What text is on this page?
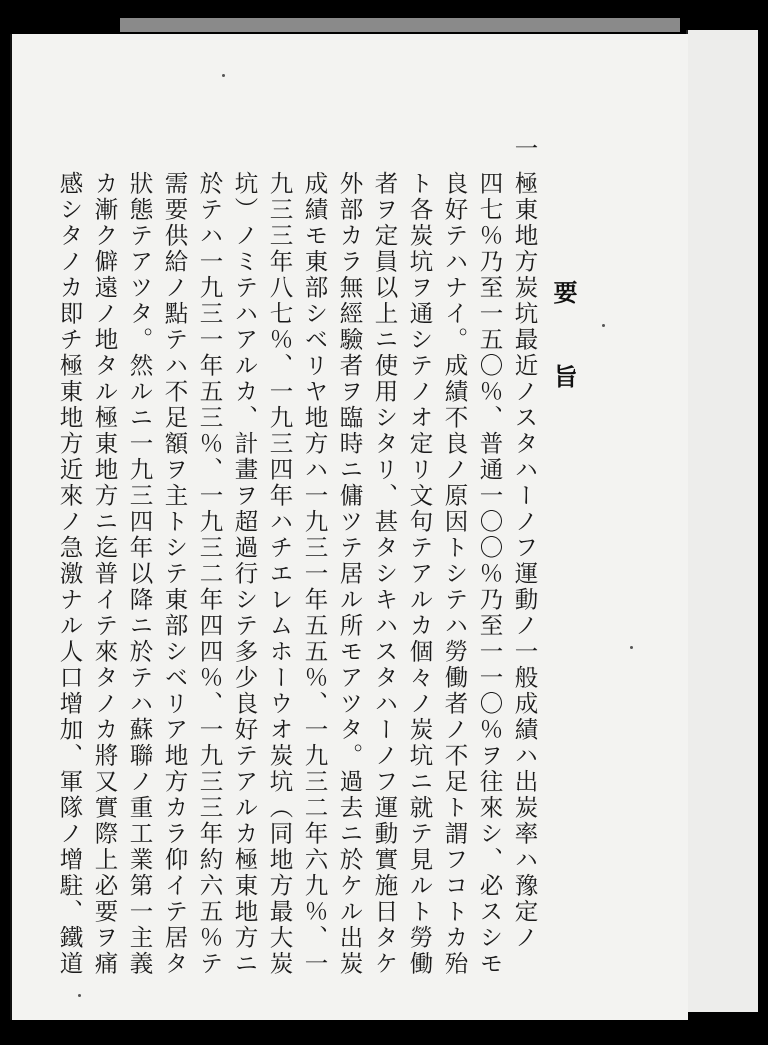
要旨
一
極東地方炭坑最近ノスタハーノフ運動ノ一般成績ハ出炭率ハ豫定ノ
四七％乃至一五〇％、普通一〇〇％乃至一一〇％ヲ往來シ、必スシモ
良好テハナイ。成績不良ノ原因トシテハ勞働者ノ不足ト謂フコトカ殆
ト各炭坑ヲ通シテノオ定リ文句テアルカ個々ノ炭坑ニ就テ見ルト勞働
者ヲ定員以上ニ使用シタリ、甚タシキハスタハーノフ運動實施日タケ
外部カラ無經驗者ヲ臨時ニ傭ツテ居ル所モアツタ。過去ニ於ケル出炭
成績モ東部シベリヤ地方ハ一九三一年五五％、一九三二年六九％、一
九三三年八七％、一九三四年ハチエレムホーウオ炭坑（同地方最大炭
坑）ノミテハアルカ、計畫ヲ超過行シテ多少良好テアルカ極東地方ニ
於テハ一九三一年五三％、一九三二年四四％、一九三三年約六五％テ
需要供給ノ點テハ不足額ヲ主トシテ東部シベリア地方カラ仰イテ居タ
狀態テアツタ。然ルニ一九三四年以降ニ於テハ蘇聯ノ重工業第一主義
カ漸ク僻遠ノ地タル極東地方ニ迄普イテ來タノカ將又實際上必要ヲ痛
感シタノカ即チ極東地方近來ノ急激ナル人口增加、軍隊ノ增駐、鐵道
